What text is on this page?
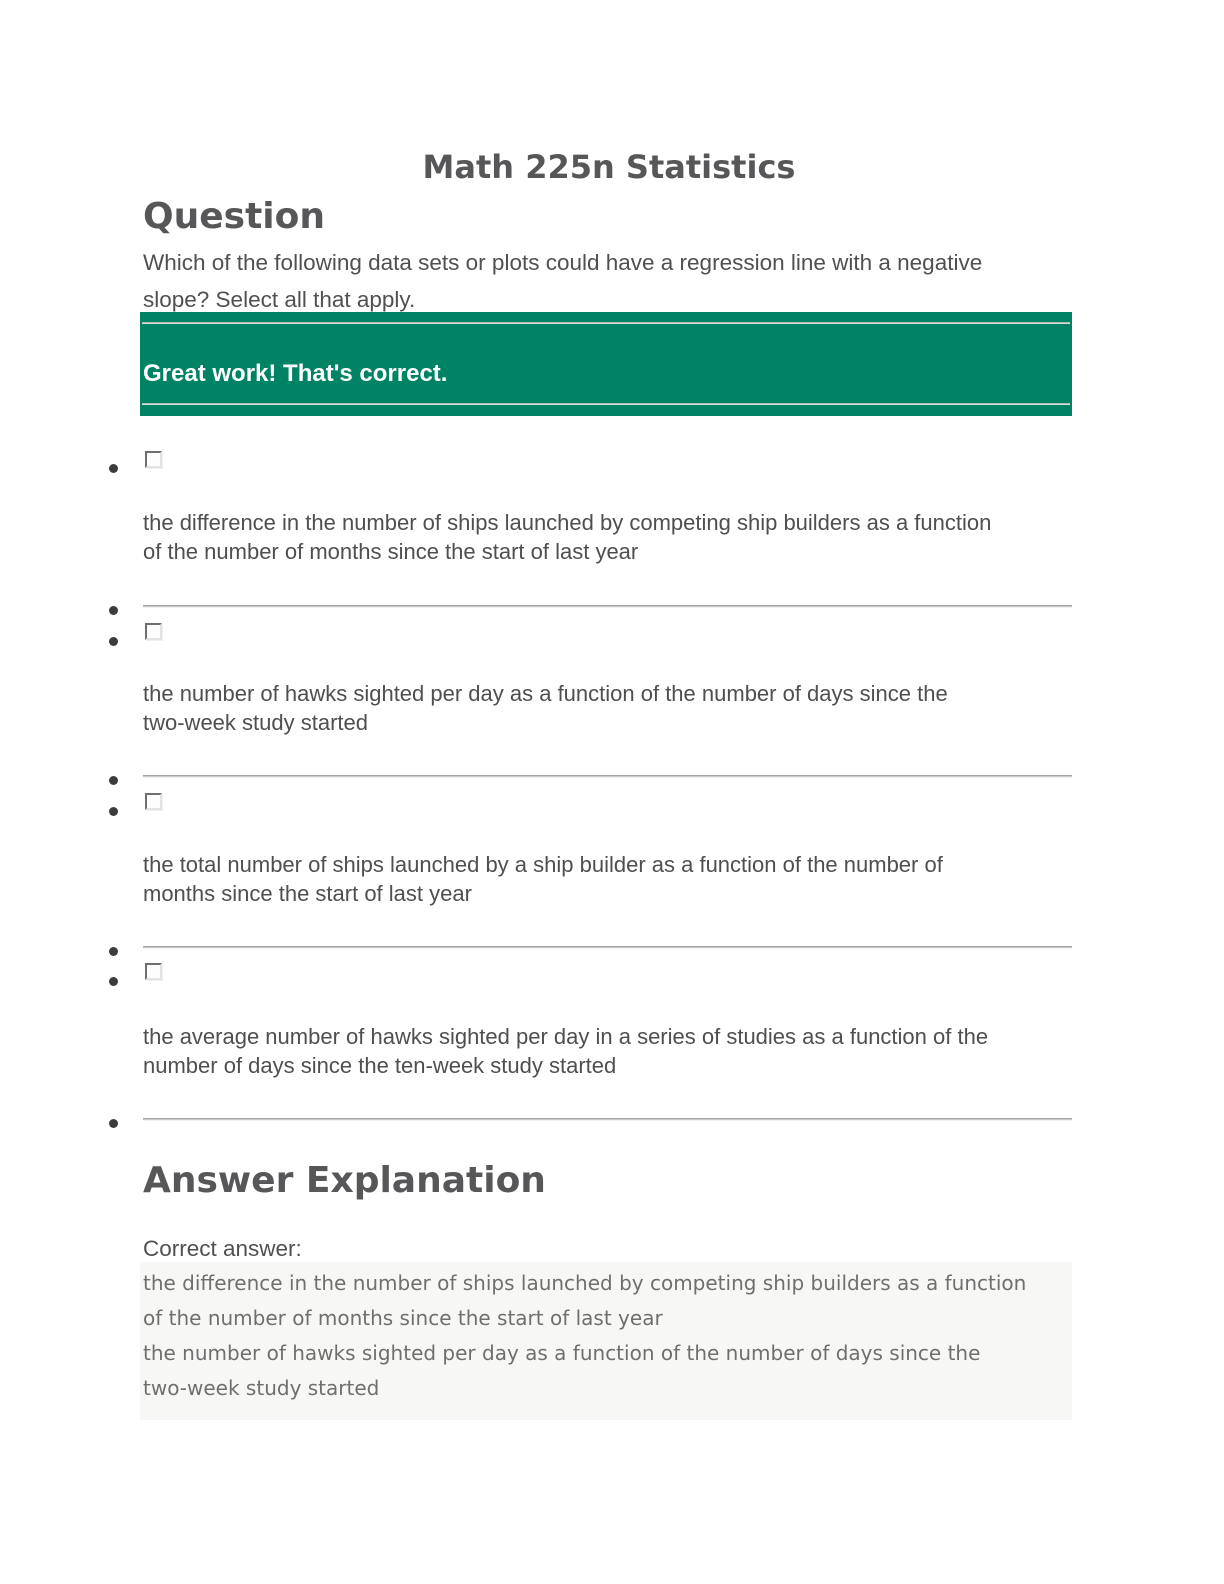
Math 225n Statistics
Question
Which of the following data sets or plots could have a regression line with a negative
slope? Select all that apply.
Great work! That's correct.
the difference in the number of ships launched by competing ship builders as a function
of the number of months since the start of last year
the number of hawks sighted per day as a function of the number of days since the
two-week study started
the total number of ships launched by a ship builder as a function of the number of
months since the start of last year
the average number of hawks sighted per day in a series of studies as a function of the
number of days since the ten-week study started
Answer Explanation
Correct answer:
the difference in the number of ships launched by competing ship builders as a function
of the number of months since the start of last year
the number of hawks sighted per day as a function of the number of days since the
two-week study started
